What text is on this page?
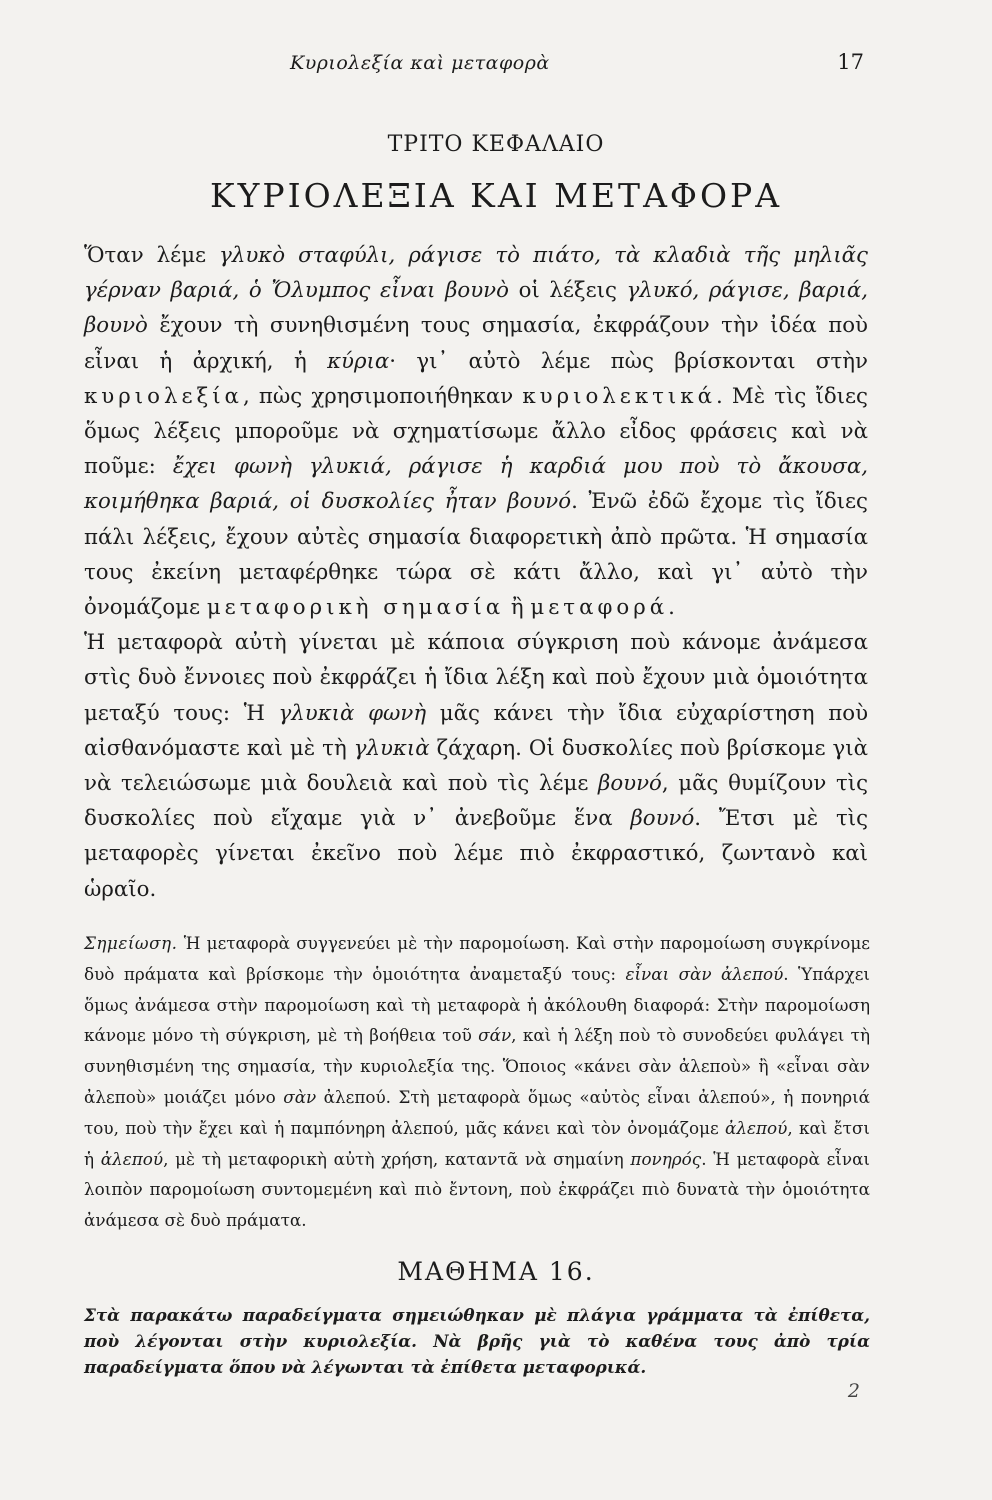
Κυριολεξία καὶ μεταφορὰ	17
ΤΡΙΤΟ ΚΕΦΑΛΑΙΟ
ΚΥΡΙΟΛΕΞΙΑ ΚΑΙ ΜΕΤΑΦΟΡΑ

Ὅταν λέμε γλυκὸ σταφύλι, ράγισε τὸ πιάτο, τὰ κλαδιὰ τῆς μηλιᾶς γέρναν βαριά, ὁ Ὄλυμπος εἶναι βουνὸ οἱ λέξεις γλυκό, ράγισε, βαριά, βουνὸ ἔχουν τὴ συνηθισμένη τους σημασία, ἐκφράζουν τὴν ἰδέα ποὺ εἶναι ἡ ἀρχική, ἡ κύρια· γι᾿ αὐτὸ λέμε πὼς βρίσκονται στὴν κυριολεξία, πὼς χρησιμοποιήθηκαν κυριολεκτικά. Μὲ τὶς ἴδιες ὅμως λέξεις μποροῦμε νὰ σχηματίσωμε ἄλλο εἶδος φράσεις καὶ νὰ ποῦμε: ἔχει φωνὴ γλυκιά, ράγισε ἡ καρδιά μου ποὺ τὸ ἄκουσα, κοιμήθηκα βαριά, οἱ δυσκολίες ἦταν βουνό. Ἐνῶ ἐδῶ ἔχομε τὶς ἴδιες πάλι λέξεις, ἔχουν αὐτὲς σημασία διαφορετικὴ ἀπὸ πρῶτα. Ἡ σημασία τους ἐκείνη μεταφέρθηκε τώρα σὲ κάτι ἄλλο, καὶ γι᾿ αὐτὸ τὴν ὀνομάζομε μεταφορικὴ σημασία ἢ μεταφορά.

Ἡ μεταφορὰ αὐτὴ γίνεται μὲ κάποια σύγκριση ποὺ κάνομε ἀνάμεσα στὶς δυὸ ἔννοιες ποὺ ἐκφράζει ἡ ἴδια λέξη καὶ ποὺ ἔχουν μιὰ ὁμοιότητα μεταξύ τους: Ἡ γλυκιὰ φωνὴ μᾶς κάνει τὴν ἴδια εὐχαρίστηση ποὺ αἰσθανόμαστε καὶ μὲ τὴ γλυκιὰ ζάχαρη. Οἱ δυσκολίες ποὺ βρίσκομε γιὰ νὰ τελειώσωμε μιὰ δουλειὰ καὶ ποὺ τὶς λέμε βουνό, μᾶς θυμίζουν τὶς δυσκολίες ποὺ εἴχαμε γιὰ ν᾿ ἀνεβοῦμε ἕνα βουνό. Ἔτσι μὲ τὶς μεταφορὲς γίνεται ἐκεῖνο ποὺ λέμε πιὸ ἐκφραστικό, ζωντανὸ καὶ ὡραῖο.

Σημείωση. Ἡ μεταφορὰ συγγενεύει μὲ τὴν παρομοίωση. Καὶ στὴν παρομοίωση συγκρίνομε δυὸ πράματα καὶ βρίσκομε τὴν ὁμοιότητα ἀναμεταξύ τους: εἶναι σὰν ἀλεπού. Ὑπάρχει ὅμως ἀνάμεσα στὴν παρομοίωση καὶ τὴ μεταφορὰ ἡ ἀκόλουθη διαφορά: Στὴν παρομοίωση κάνομε μόνο τὴ σύγκριση, μὲ τὴ βοήθεια τοῦ σάν, καὶ ἡ λέξη ποὺ τὸ συνοδεύει φυλάγει τὴ συνηθισμένη της σημασία, τὴν κυριολεξία της. Ὅποιος «κάνει σὰν ἀλεποὺ» ἢ «εἶναι σὰν ἀλεποὺ» μοιάζει μόνο σὰν ἀλεπού. Στὴ μεταφορὰ ὅμως «αὐτὸς εἶναι ἀλεπού», ἡ πονηριά του, ποὺ τὴν ἔχει καὶ ἡ παμπόνηρη ἀλεπού, μᾶς κάνει καὶ τὸν ὀνομάζομε ἀλεπού, καὶ ἔτσι ἡ ἀλεπού, μὲ τὴ μεταφορικὴ αὐτὴ χρήση, καταντᾶ νὰ σημαίνη πονηρός. Ἡ μεταφορὰ εἶναι λοιπὸν παρομοίωση συντομεμένη καὶ πιὸ ἔντονη, ποὺ ἐκφράζει πιὸ δυνατὰ τὴν ὁμοιότητα ἀνάμεσα σὲ δυὸ πράματα.
ΜΑΘΗΜΑ 16.
Στὰ παρακάτω παραδείγματα σημειώθηκαν μὲ πλάγια γράμματα τὰ ἐπίθετα, ποὺ λέγονται στὴν κυριολεξία. Νὰ βρῆς γιὰ τὸ καθένα τους ἀπὸ τρία παραδείγματα ὅπου νὰ λέγωνται τὰ ἐπίθετα μεταφορικά.
2
